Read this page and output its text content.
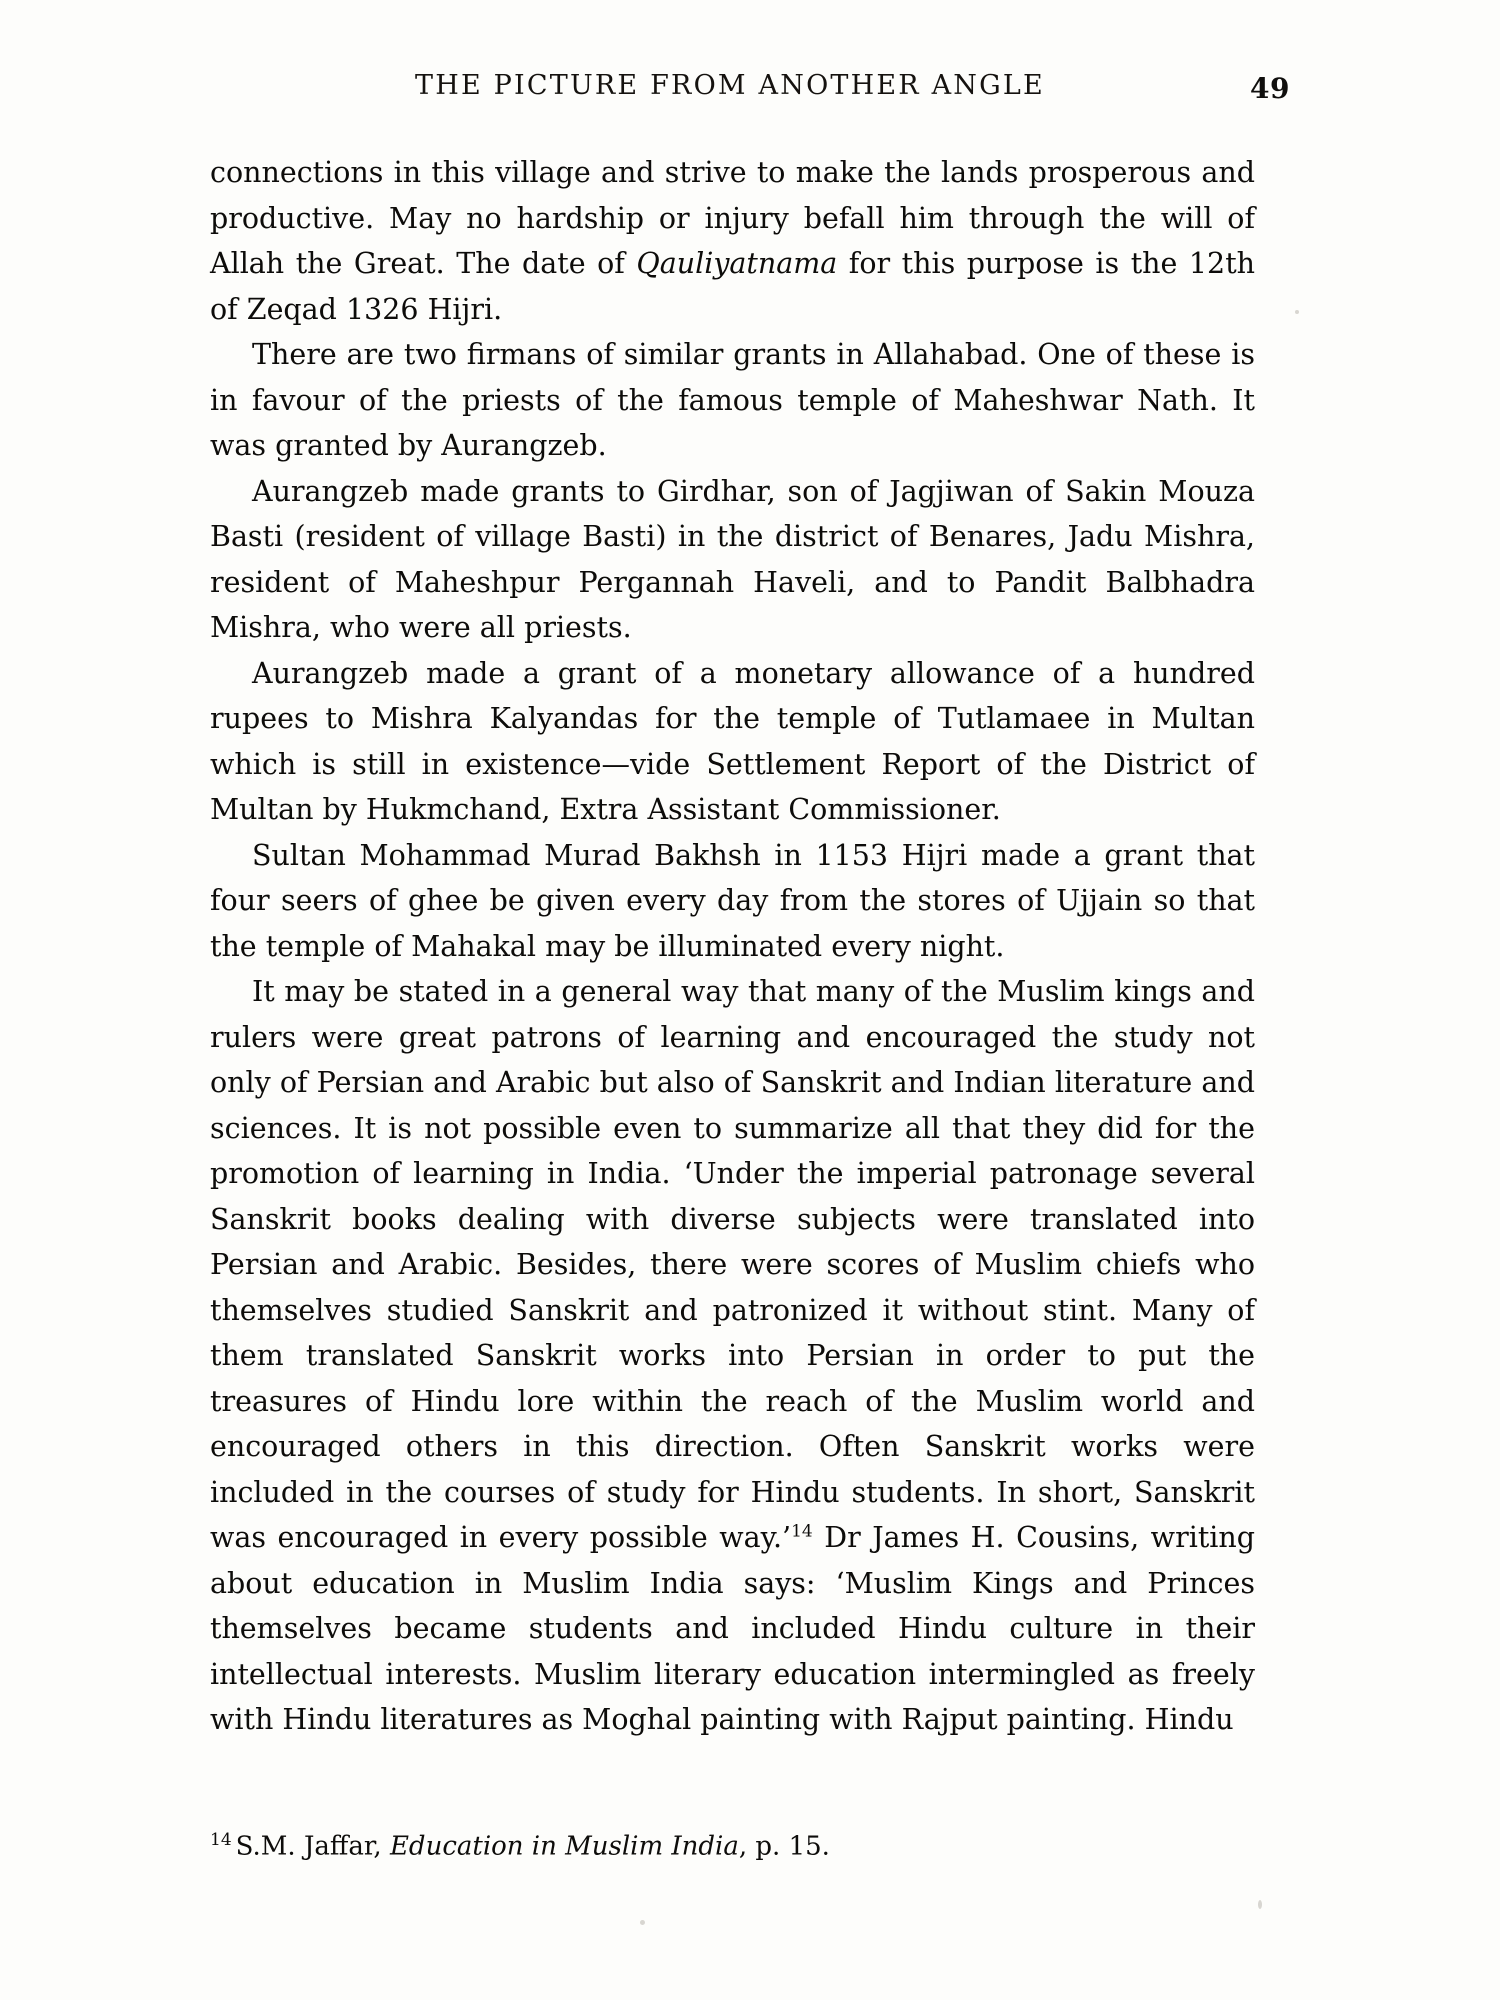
THE PICTURE FROM ANOTHER ANGLE	49

connections in this village and strive to make the lands prosperous and productive. May no hardship or injury befall him through the will of Allah the Great. The date of Qauliyatnama for this purpose is the 12th of Zeqad 1326 Hijri.

There are two firmans of similar grants in Allahabad. One of these is in favour of the priests of the famous temple of Maheshwar Nath. It was granted by Aurangzeb.

Aurangzeb made grants to Girdhar, son of Jagjiwan of Sakin Mouza Basti (resident of village Basti) in the district of Benares, Jadu Mishra, resident of Maheshpur Pergannah Haveli, and to Pandit Balbhadra Mishra, who were all priests.

Aurangzeb made a grant of a monetary allowance of a hundred rupees to Mishra Kalyandas for the temple of Tutlamaee in Multan which is still in existence—vide Settlement Report of the District of Multan by Hukmchand, Extra Assistant Commissioner.

Sultan Mohammad Murad Bakhsh in 1153 Hijri made a grant that four seers of ghee be given every day from the stores of Ujjain so that the temple of Mahakal may be illuminated every night.

It may be stated in a general way that many of the Muslim kings and rulers were great patrons of learning and encouraged the study not only of Persian and Arabic but also of Sanskrit and Indian literature and sciences. It is not possible even to summarize all that they did for the promotion of learning in India. ‘Under the imperial patronage several Sanskrit books dealing with diverse subjects were translated into Persian and Arabic. Besides, there were scores of Muslim chiefs who themselves studied Sanskrit and patronized it without stint. Many of them translated Sanskrit works into Persian in order to put the treasures of Hindu lore within the reach of the Muslim world and encouraged others in this direction. Often Sanskrit works were included in the courses of study for Hindu students. In short, Sanskrit was encouraged in every possible way.’$^{14}$ Dr James H. Cousins, writing about education in Muslim India says: ‘Muslim Kings and Princes themselves became students and included Hindu culture in their intellectual interests. Muslim literary education intermingled as freely with Hindu literatures as Moghal painting with Rajput painting. Hindu

$^{14}$ S.M. Jaffar, Education in Muslim India, p. 15.
